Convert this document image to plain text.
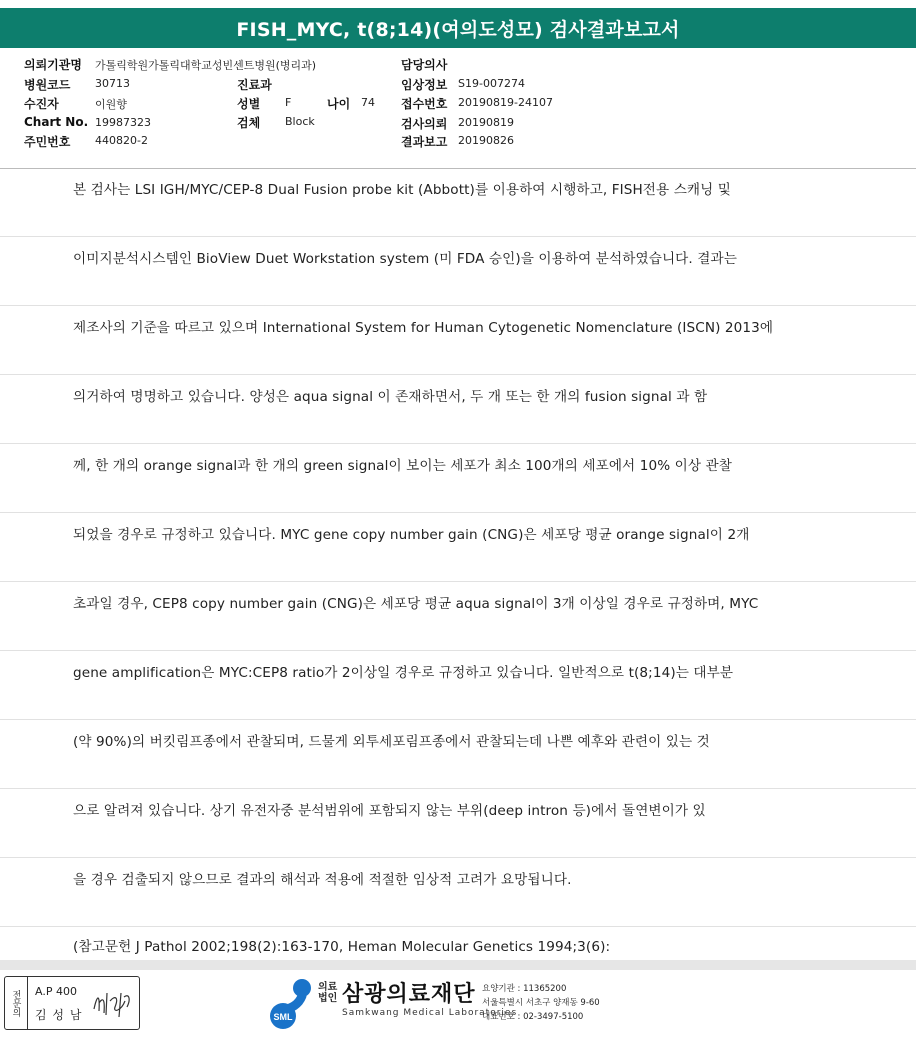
FISH_MYC, t(8;14)(여의도성모) 검사결과보고서
의뢰기관명 가톨릭학원가톨릭대학교성빈센트병원(병리과)
병원코드 30713
수진자	이원향
Chart No. 19987323
주민번호 440820-2
진료과
성별 F	나이 74
검체 Block
담당의사
임상정보 S19-007274
접수번호 20190819-24107
검사의뢰 20190819
결과보고 20190826
본 검사는 LSI IGH/MYC/CEP-8 Dual Fusion probe kit (Abbott)를 이용하여 시행하고, FISH전용 스캐닝 및
이미지분석시스템인 BioView Duet Workstation system (미 FDA 승인)을 이용하여 분석하였습니다. 결과는
제조사의 기준을 따르고 있으며 International System for Human Cytogenetic Nomenclature (ISCN) 2013에
의거하여 명명하고 있습니다. 양성은 aqua signal 이 존재하면서, 두 개 또는 한 개의 fusion signal 과 함
께, 한 개의 orange signal과 한 개의 green signal이 보이는 세포가 최소 100개의 세포에서 10% 이상 관찰
되었을 경우로 규정하고 있습니다. MYC gene copy number gain (CNG)은 세포당 평균 orange signal이 2개
초과일 경우, CEP8 copy number gain (CNG)은 세포당 평균 aqua signal이 3개 이상일 경우로 규정하며, MYC
gene amplification은 MYC:CEP8 ratio가 2이상일 경우로 규정하고 있습니다. 일반적으로 t(8;14)는 대부분
(약 90%)의 버킷림프종에서 관찰되며, 드물게 외투세포림프종에서 관찰되는데 나쁜 예후와 관련이 있는 것
으로 알려져 있습니다. 상기 유전자중 분석범위에 포함되지 않는 부위(deep intron 등)에서 돌연변이가 있
을 경우 검출되지 않으므로 결과의 해석과 적용에 적절한 임상적 고려가 요망됩니다.
(참고문헌 J Pathol 2002;198(2):163-170, Heman Molecular Genetics 1994;3(6):
전문의	A.P 400
김 성 남	SML
의료
법인 삼광의료재단
Samkwang Medical Laboratories
요양기관 : 11365200
서울특별시 서초구 양재동 9-60
대표번호 : 02-3497-5100
